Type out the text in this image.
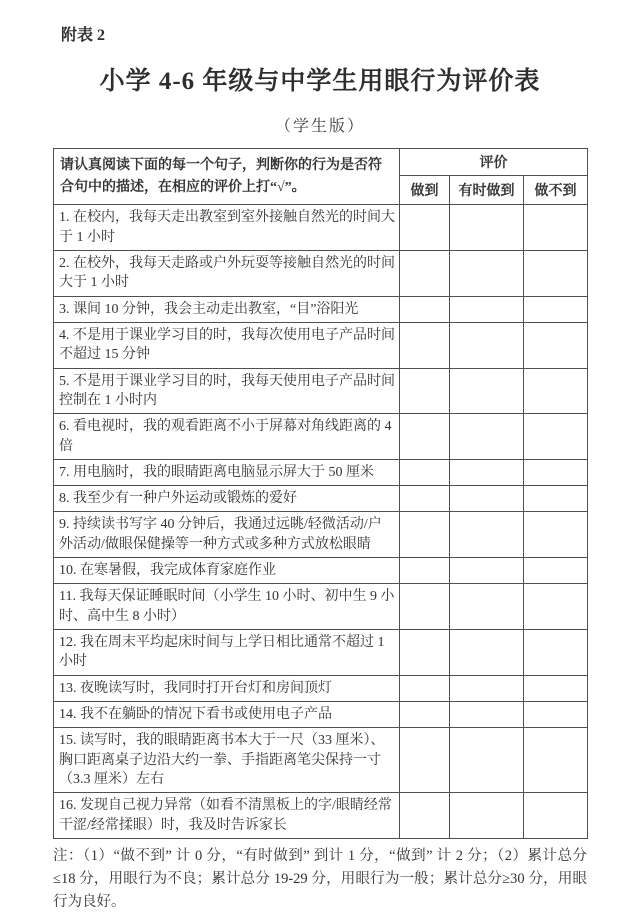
附表 2
小学 4-6 年级与中学生用眼行为评价表
（学生版）
请认真阅读下面的每一个句子，判断你的行为是否符合句中的描述，在相应的评价上打“√”。	评价		
	做到	有时做到	做不到
1. 在校内，我每天走出教室到室外接触自然光的时间大于 1 小时			
2. 在校外，我每天走路或户外玩耍等接触自然光的时间大于 1 小时			
3. 课间 10 分钟，我会主动走出教室，“目”浴阳光			
4. 不是用于课业学习目的时，我每次使用电子产品时间不超过 15 分钟			
5. 不是用于课业学习目的时，我每天使用电子产品时间控制在 1 小时内			
6. 看电视时，我的观看距离不小于屏幕对角线距离的 4 倍			
7. 用电脑时，我的眼睛距离电脑显示屏大于 50 厘米			
8. 我至少有一种户外运动或锻炼的爱好			
9. 持续读书写字 40 分钟后，我通过远眺/轻微活动/户外活动/做眼保健操等一种方式或多种方式放松眼睛			
10. 在寒暑假，我完成体育家庭作业			
11. 我每天保证睡眠时间（小学生 10 小时、初中生 9 小时、高中生 8 小时）			
12. 我在周末平均起床时间与上学日相比通常不超过 1 小时			
13. 夜晚读写时，我同时打开台灯和房间顶灯			
14. 我不在躺卧的情况下看书或使用电子产品			
15. 读写时，我的眼睛距离书本大于一尺（33 厘米）、胸口距离桌子边沿大约一拳、手指距离笔尖保持一寸（3.3 厘米）左右			
16. 发现自己视力异常（如看不清黑板上的字/眼睛经常干涩/经常揉眼）时，我及时告诉家长			
注：（1）“做不到” 计 0 分，“有时做到” 到计 1 分，“做到” 计 2 分；（2）累计总分≤18 分，用眼行为不良；累计总分 19-29 分，用眼行为一般；累计总分≥30 分，用眼行为良好。
